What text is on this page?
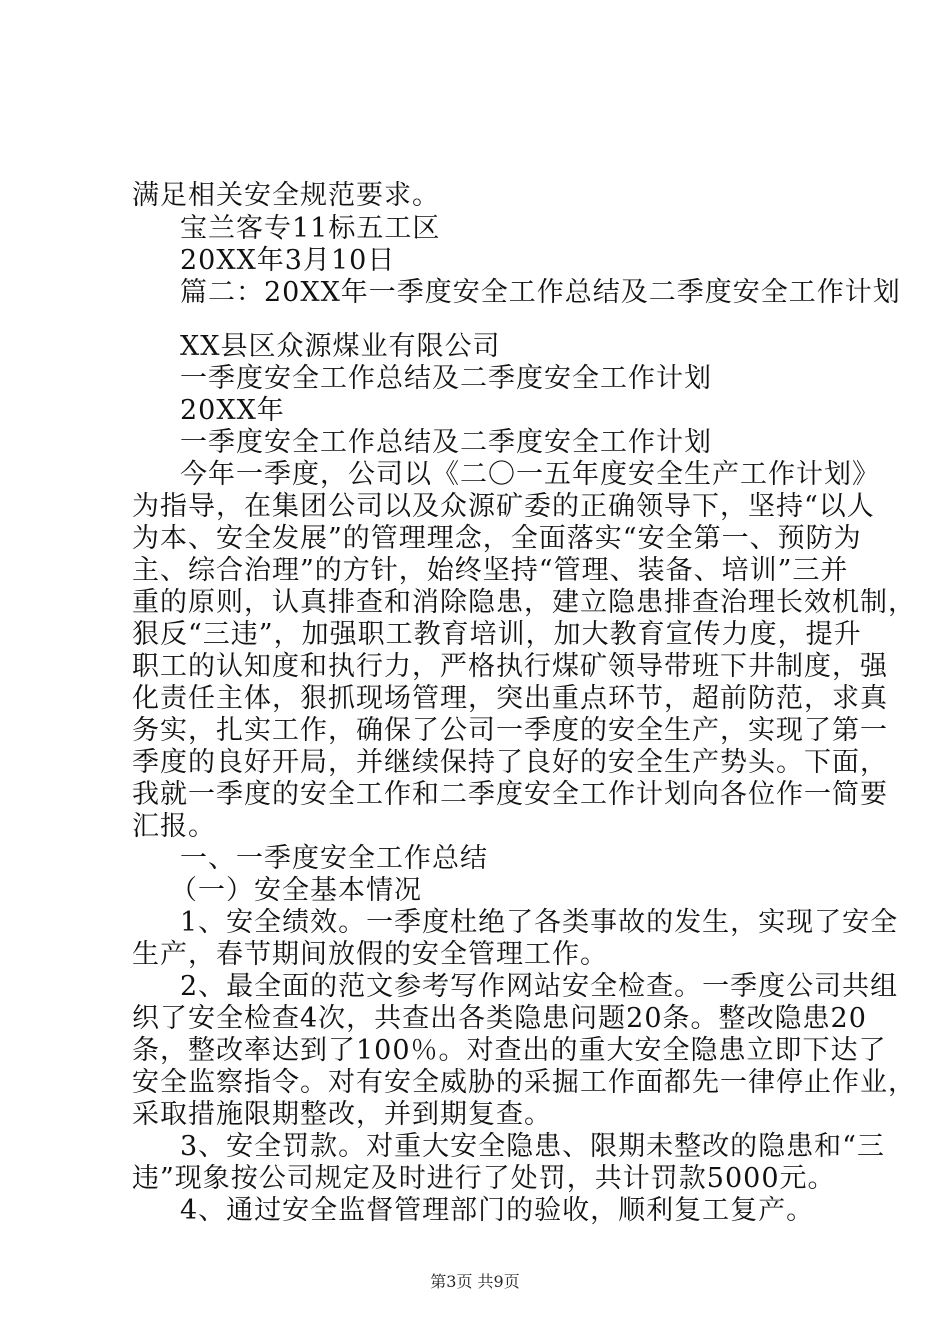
满足相关安全规范要求。
宝兰客专11标五工区
20XX年3月10日
篇二：20XX年一季度安全工作总结及二季度安全工作计划
XX县区众源煤业有限公司
一季度安全工作总结及二季度安全工作计划
20XX年
一季度安全工作总结及二季度安全工作计划
今年一季度，公司以《二〇一五年度安全生产工作计划》
为指导，在集团公司以及众源矿委的正确领导下，坚持“以人
为本、安全发展”的管理理念，全面落实“安全第一、预防为
主、综合治理”的方针，始终坚持“管理、装备、培训”三并
重的原则，认真排查和消除隐患，建立隐患排查治理长效机制，
狠反“三违”，加强职工教育培训，加大教育宣传力度，提升
职工的认知度和执行力，严格执行煤矿领导带班下井制度，强
化责任主体，狠抓现场管理，突出重点环节，超前防范，求真
务实，扎实工作，确保了公司一季度的安全生产，实现了第一
季度的良好开局，并继续保持了良好的安全生产势头。下面，
我就一季度的安全工作和二季度安全工作计划向各位作一简要
汇报。
一、一季度安全工作总结
（一）安全基本情况
1、安全绩效。一季度杜绝了各类事故的发生，实现了安全
生产，春节期间放假的安全管理工作。
2、最全面的范文参考写作网站安全检查。一季度公司共组
织了安全检查4次，共查出各类隐患问题20条。整改隐患20
条，整改率达到了100％。对查出的重大安全隐患立即下达了
安全监察指令。对有安全威胁的采掘工作面都先一律停止作业，
采取措施限期整改，并到期复查。
3、安全罚款。对重大安全隐患、限期未整改的隐患和“三
违”现象按公司规定及时进行了处罚，共计罚款5000元。
4、通过安全监督管理部门的验收，顺利复工复产。
第3页 共9页
